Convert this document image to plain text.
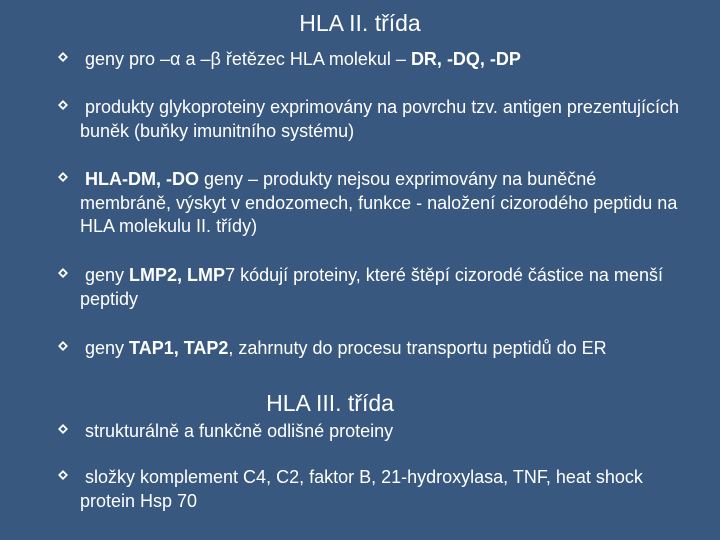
HLA II. třída
geny pro –α a –β řetězec HLA molekul – DR, -DQ, -DP
produkty glykoproteiny exprimovány na povrchu tzv. antigen prezentujících buněk (buňky imunitního systému)
HLA-DM, -DO geny – produkty nejsou exprimovány na buněčné membráně, výskyt v endozomech, funkce - naložení cizorodého peptidu na HLA molekulu II. třídy)
geny LMP2, LMP7 kódují proteiny, které štěpí cizorodé částice na menší peptidy
geny TAP1, TAP2, zahrnuty do procesu transportu peptidů do ER
HLA III. třída
strukturálně a funkčně odlišné proteiny
složky komplement C4, C2, faktor B, 21-hydroxylasa, TNF, heat shock protein Hsp 70
